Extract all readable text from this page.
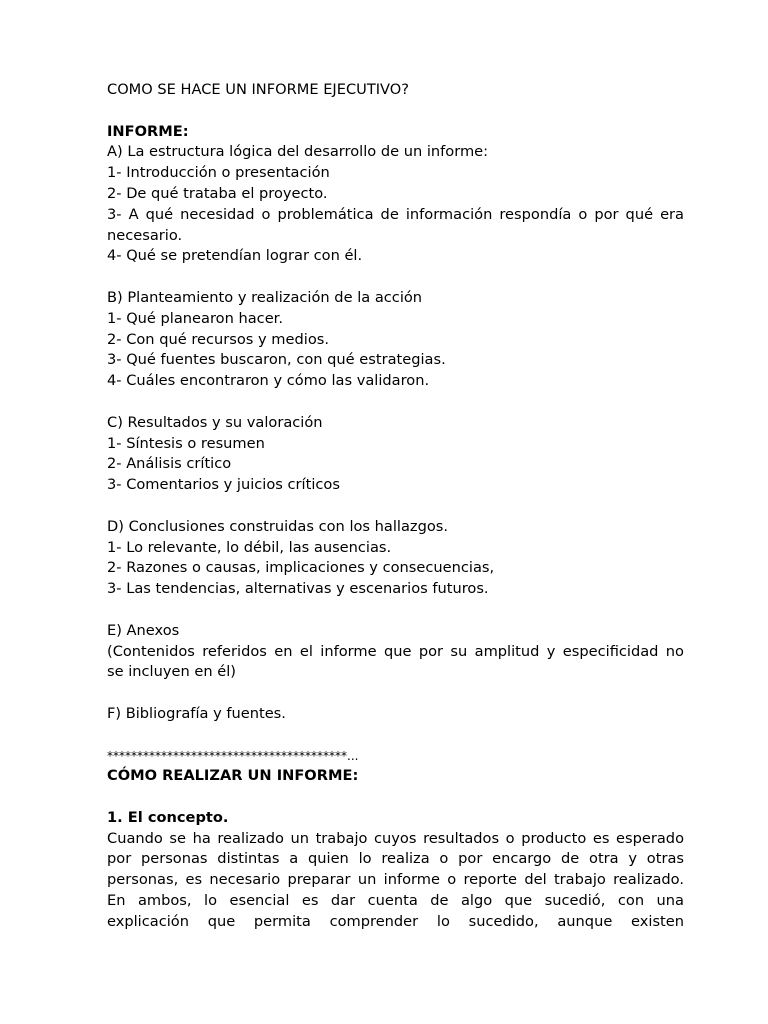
COMO SE HACE UN INFORME EJECUTIVO?
INFORME:
A) La estructura lógica del desarrollo de un informe:
1- Introducción o presentación
2- De qué trataba el proyecto.
3- A qué necesidad o problemática de información respondía o por qué era
necesario.
4- Qué se pretendían lograr con él.
B) Planteamiento y realización de la acción
1- Qué planearon hacer.
2- Con qué recursos y medios.
3- Qué fuentes buscaron, con qué estrategias.
4- Cuáles encontraron y cómo las validaron.
C) Resultados y su valoración
1- Síntesis o resumen
2- Análisis crítico
3- Comentarios y juicios críticos
D) Conclusiones construidas con los hallazgos.
1- Lo relevante, lo débil, las ausencias.
2- Razones o causas, implicaciones y consecuencias,
3- Las tendencias, alternativas y escenarios futuros.
E) Anexos
(Contenidos referidos en el informe que por su amplitud y especificidad no
se incluyen en él)
F) Bibliografía y fuentes.
****************************************...
CÓMO REALIZAR UN INFORME:
1. El concepto.
Cuando se ha realizado un trabajo cuyos resultados o producto es esperado
por personas distintas a quien lo realiza o por encargo de otra y otras
personas, es necesario preparar un informe o reporte del trabajo realizado.
En ambos, lo esencial es dar cuenta de algo que sucedió, con una
explicación que permita comprender lo sucedido, aunque existen
